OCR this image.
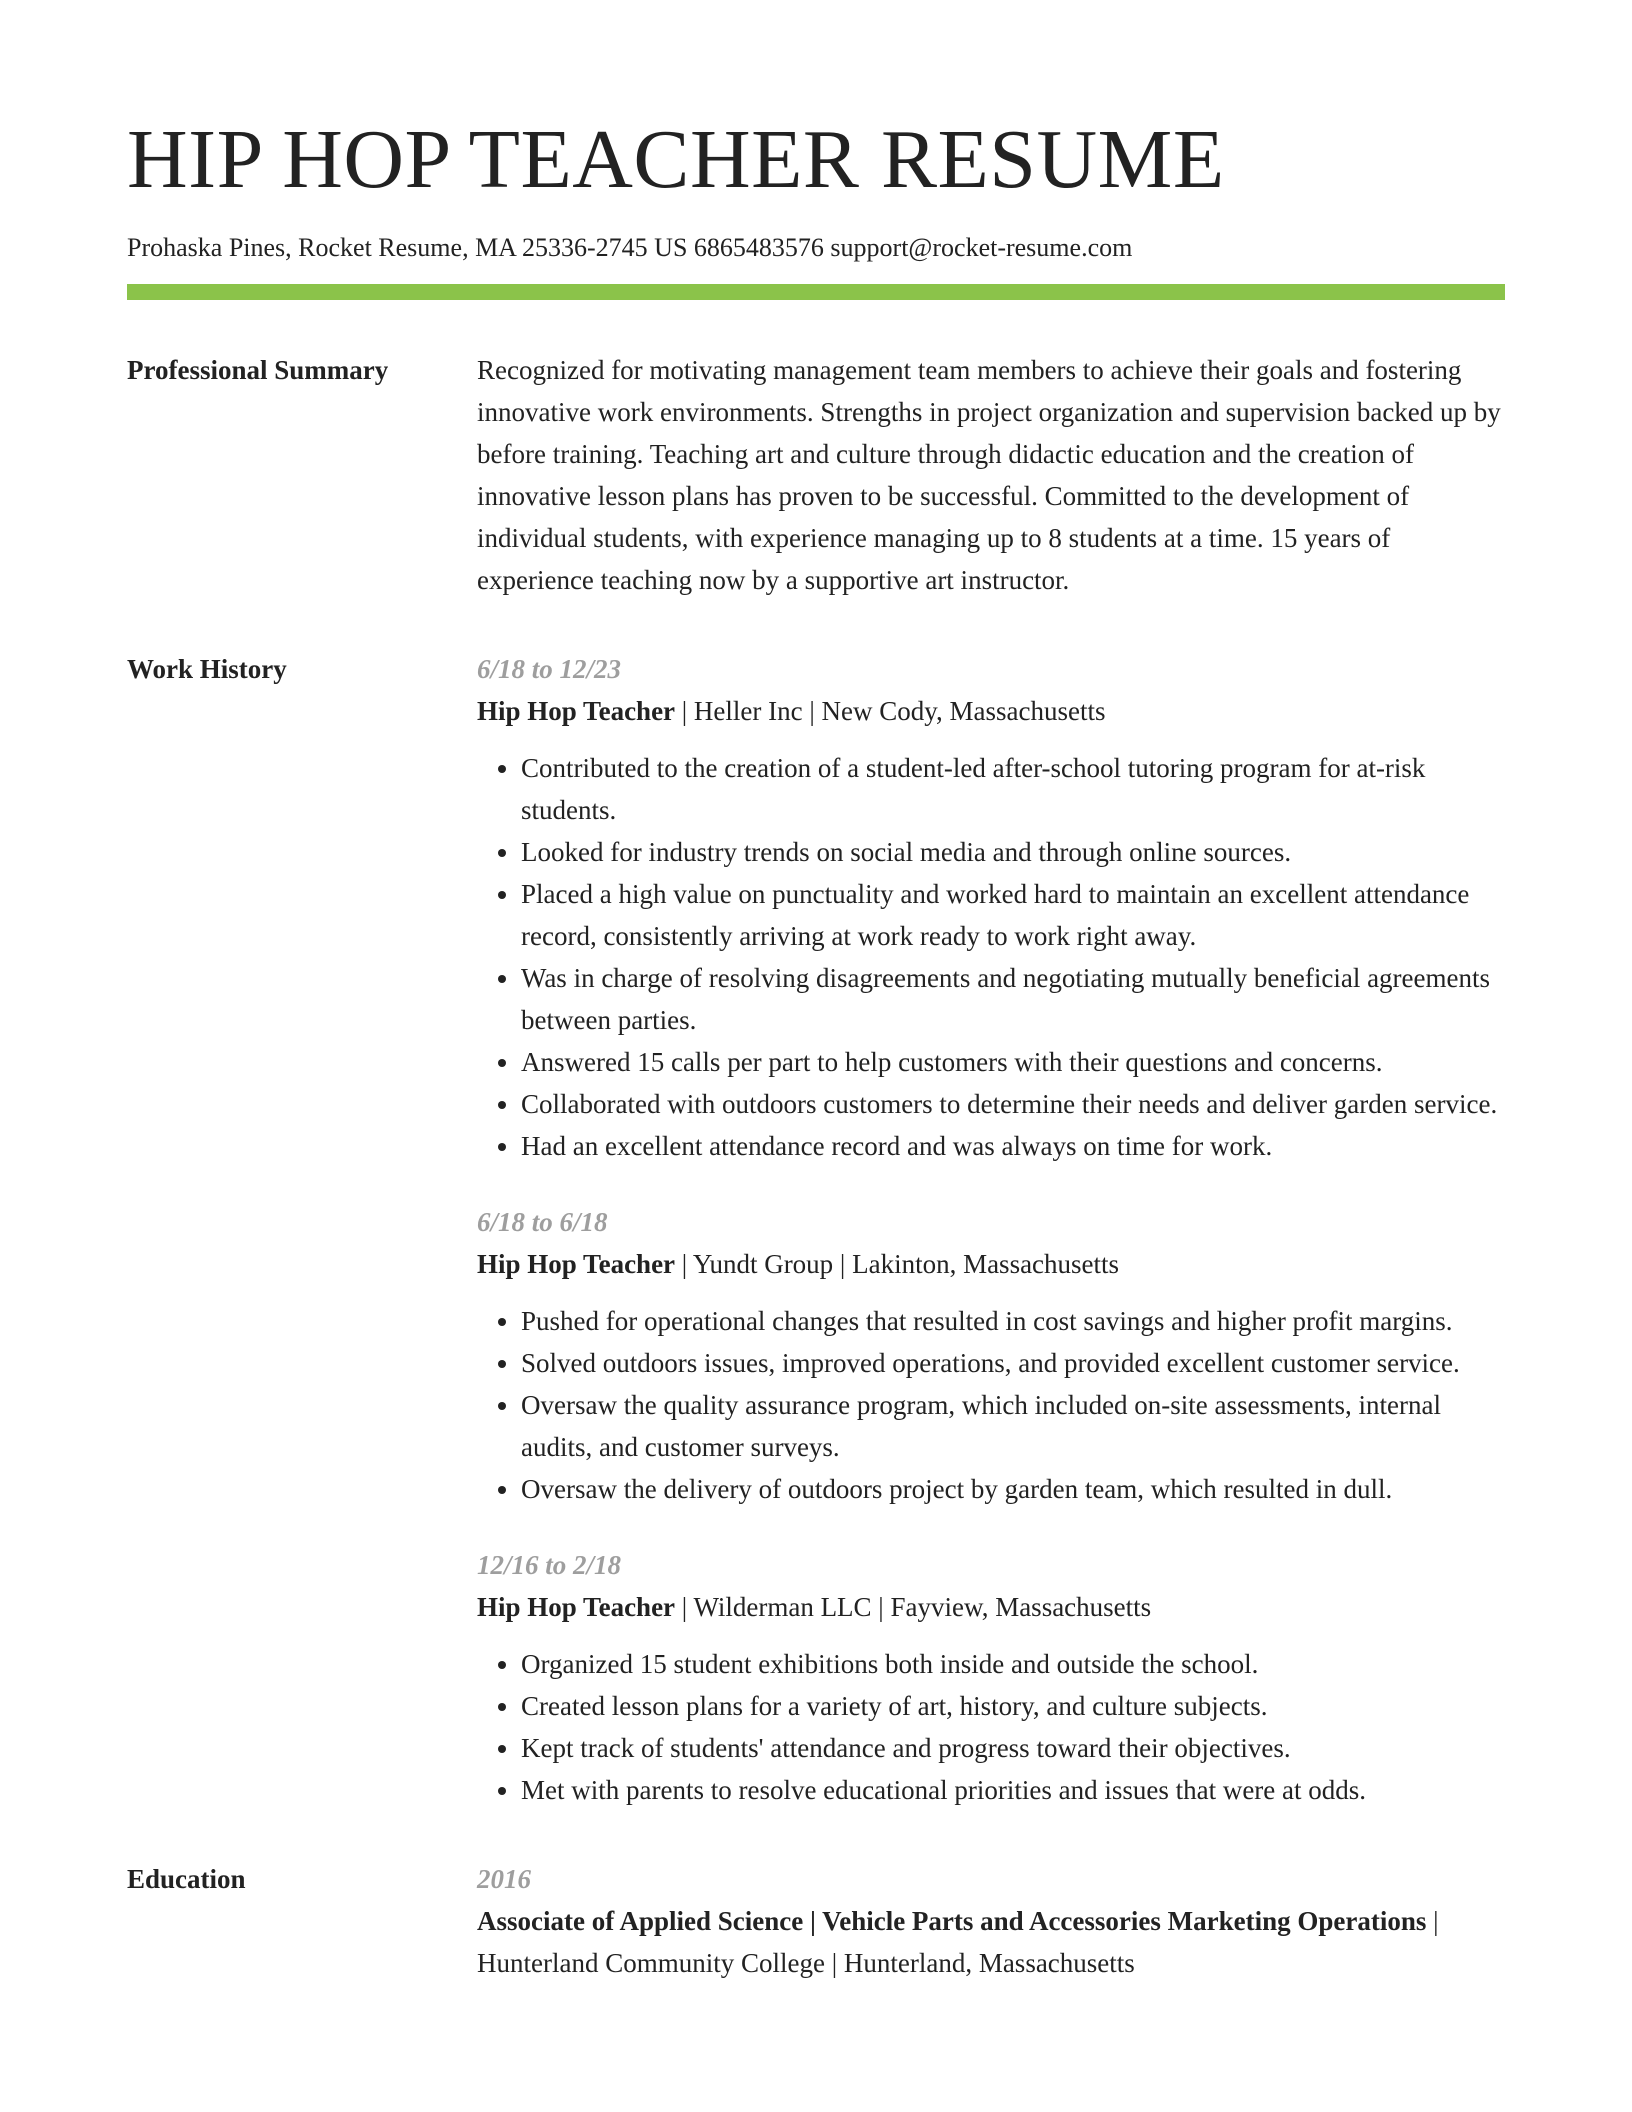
HIP HOP TEACHER RESUME
Prohaska Pines, Rocket Resume, MA 25336-2745 US 6865483576 support@rocket-resume.com
Professional Summary	Recognized for motivating management team members to achieve their goals and fostering innovative work environments. Strengths in project organization and supervision backed up by before training. Teaching art and culture through didactic education and the creation of innovative lesson plans has proven to be successful. Committed to the development of individual students, with experience managing up to 8 students at a time. 15 years of experience teaching now by a supportive art instructor.

Work History	6/18 to 12/23
Hip Hop Teacher | Heller Inc | New Cody, Massachusetts
• Contributed to the creation of a student-led after-school tutoring program for at-risk students.
• Looked for industry trends on social media and through online sources.
• Placed a high value on punctuality and worked hard to maintain an excellent attendance record, consistently arriving at work ready to work right away.
• Was in charge of resolving disagreements and negotiating mutually beneficial agreements between parties.
• Answered 15 calls per part to help customers with their questions and concerns.
• Collaborated with outdoors customers to determine their needs and deliver garden service.
• Had an excellent attendance record and was always on time for work.
6/18 to 6/18
Hip Hop Teacher | Yundt Group | Lakinton, Massachusetts
• Pushed for operational changes that resulted in cost savings and higher profit margins.
• Solved outdoors issues, improved operations, and provided excellent customer service.
• Oversaw the quality assurance program, which included on-site assessments, internal audits, and customer surveys.
• Oversaw the delivery of outdoors project by garden team, which resulted in dull.
12/16 to 2/18
Hip Hop Teacher | Wilderman LLC | Fayview, Massachusetts
• Organized 15 student exhibitions both inside and outside the school.
• Created lesson plans for a variety of art, history, and culture subjects.
• Kept track of students' attendance and progress toward their objectives.
• Met with parents to resolve educational priorities and issues that were at odds.
Education	2016
Associate of Applied Science | Vehicle Parts and Accessories Marketing Operations | Hunterland Community College | Hunterland, Massachusetts
